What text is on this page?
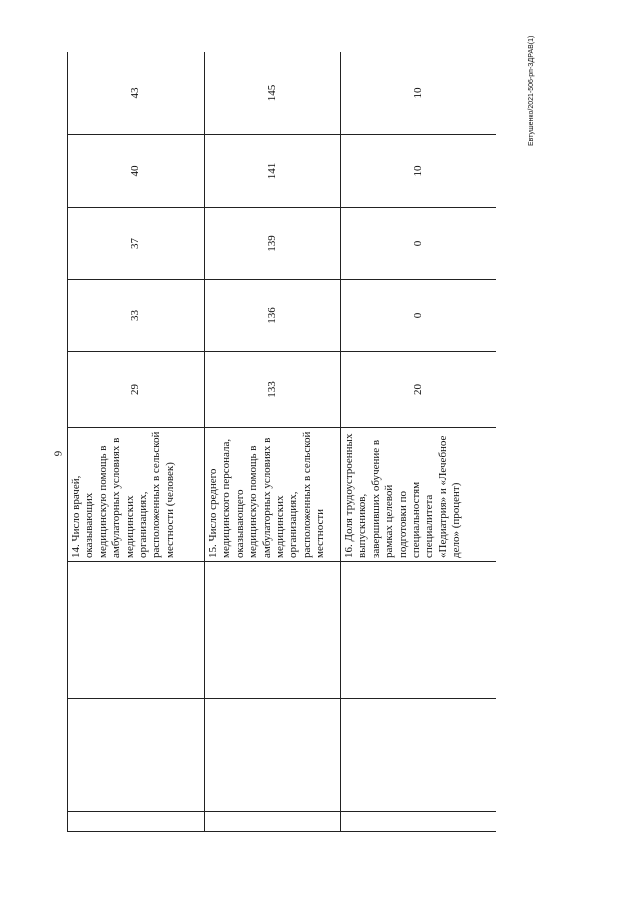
6
Евтушенко/2021-506-рп-ЗДРАВ(1)
			14. Число врачей, оказывающих медицинскую помощь в амбулаторных условиях в медицинских организациях, расположенных в сельской местности (человек)	29	33	37	40	43
			15. Число среднего медицинского персонала, оказывающего медицинскую помощь в амбулаторных условиях в медицинских организациях, расположенных в сельской местности	133	136	139	141	145
			16. Доля трудоустроенных выпускников, завершивших обучение в рамках целевой подготовки по специальностям специалитета «Педиатрия» и «Лечебное дело» (процент)	20	0	0	10	10
